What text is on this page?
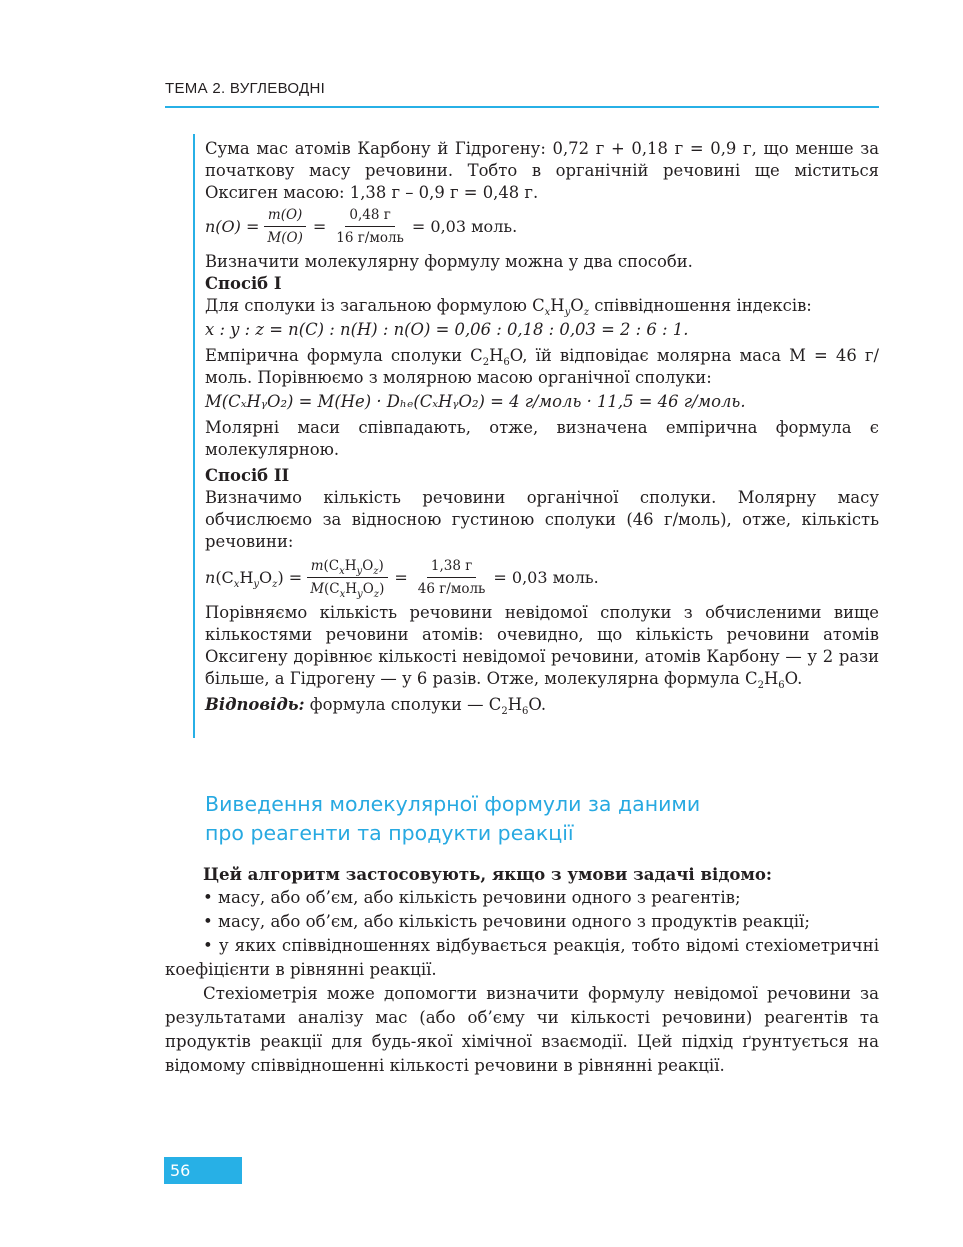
ТЕМА 2. ВУГЛЕВОДНІ

Сума мас атомів Карбону й Гідрогену: 0,72 г + 0,18 г = 0,9 г, що менше за початкову масу речовини. Тобто в органічній речовині ще міститься Оксиген масою: 1,38 г – 0,9 г = 0,48 г.

$n(O) = \frac{m(O)}{M(O)} = \frac{0,48 г}{\text{16 г/моль}} = 0,03$ моль.

Визначити молекулярну формулу можна у два способи.

Спосіб І

Для сполуки із загальною формулою $C_xH_yO_z$ співвідношення індексів:

x : y : z = n(C) : n(H) : n(O) = 0,06 : 0,18 : 0,03 = 2 : 6 : 1.

Емпірична формула сполуки $C_2H_6O$, їй відповідає молярна маса M = 46 г/моль. Порівнюємо з молярною масою органічної сполуки:

M(CₓHᵧO₂) = M(He) · Dₕₑ(CₓHᵧO₂) = 4 г/моль · 11,5 = 46 г/моль.

Молярні маси співпадають, отже, визначена емпірична формула є молекулярною.

Спосіб ІІ

Визначимо кількість речовини органічної сполуки. Молярну масу обчислюємо за відносною густиною сполуки (46 г/моль), отже, кількість речовини:

$n(C_xH_yO_z) = \frac{m(C_xH_yO_z)}{M(C_xH_yO_z)} = \frac{1,38 г}{\text{46 г/моль}} = 0,03$ моль.

Порівняємо кількість речовини невідомої сполуки з обчисленими вище кількостями речовини атомів: очевидно, що кількість речовини атомів Оксигену дорівнює кількості невідомої речовини, атомів Карбону — у 2 рази більше, а Гідрогену — у 6 разів. Отже, молекулярна формула $C_2H_6O$.

Відповідь: формула сполуки — $C_2H_6O$.

Виведення молекулярної формули за даними
про реагенти та продукти реакції

Цей алгоритм застосовують, якщо з умови задачі відомо:

• масу, або об’єм, або кількість речовини одного з реагентів;

• масу, або об’єм, або кількість речовини одного з продуктів реакції;

• у яких співвідношеннях відбувається реакція, тобто відомі стехіометричні коефіцієнти в рівнянні реакції.

Стехіометрія може допомогти визначити формулу невідомої речовини за результатами аналізу мас (або об’єму чи кількості речовини) реагентів та продуктів реакції для будь-якої хімічної взаємодії. Цей підхід ґрунтується на відомому співвідношенні кількості речовини в рівнянні реакції.

56
